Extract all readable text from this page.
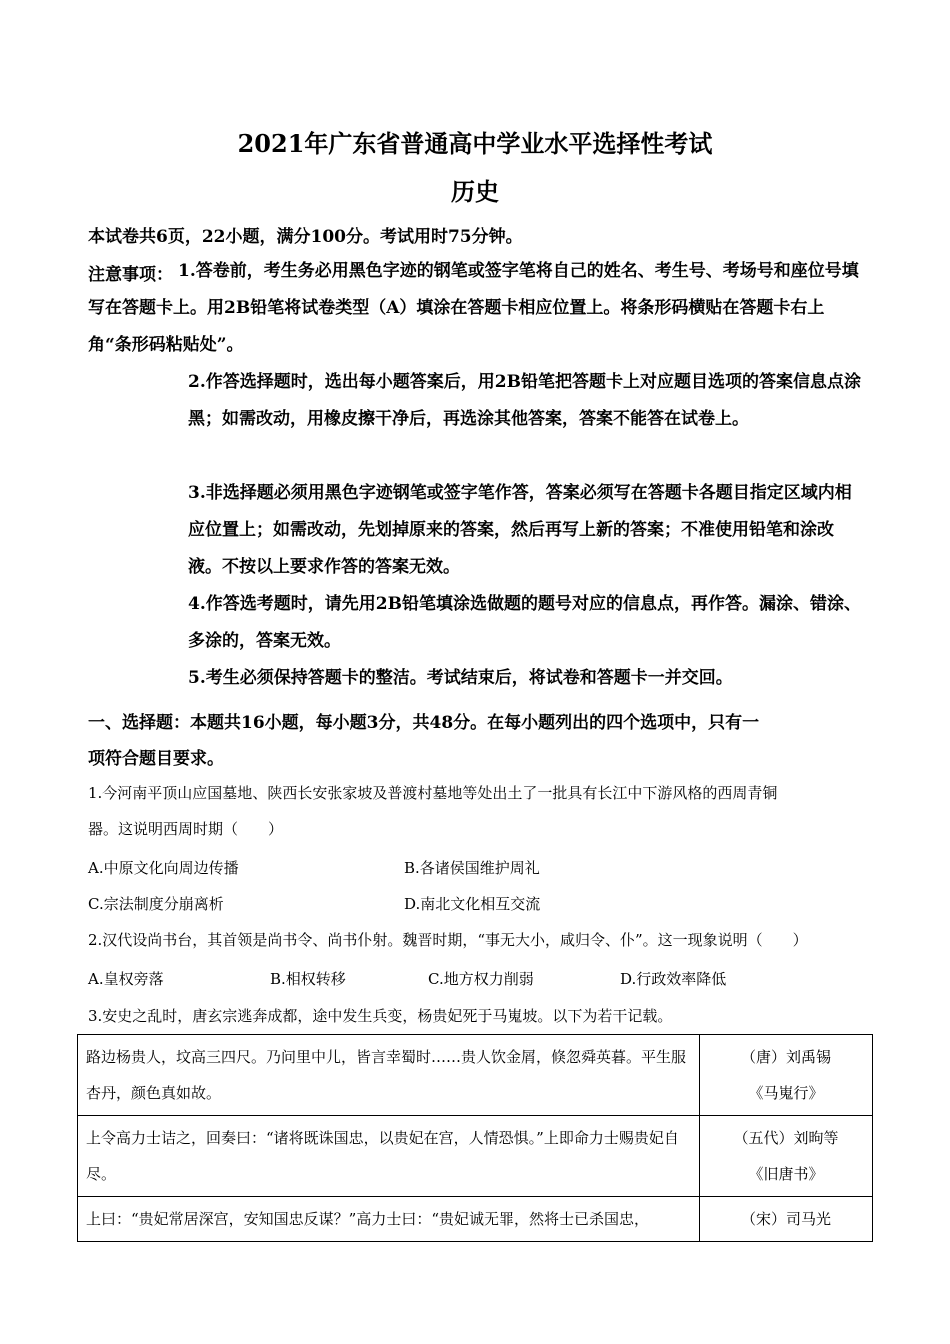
2021年广东省普通高中学业水平选择性考试
历史
本试卷共6页，22小题，满分100分。考试用时75分钟。
注意事项： 1.答卷前，考生务必用黑色字迹的钢笔或签字笔将自己的姓名、考生号、考场号和座位号填写在答题卡上。用2B铅笔将试卷类型（A）填涂在答题卡相应位置上。将条形码横贴在答题卡右上角“条形码粘贴处”。
2.作答选择题时，选出每小题答案后，用2B铅笔把答题卡上对应题目选项的答案信息点涂黑；如需改动，用橡皮擦干净后，再选涂其他答案，答案不能答在试卷上。
3.非选择题必须用黑色字迹钢笔或签字笔作答，答案必须写在答题卡各题目指定区域内相应位置上；如需改动，先划掉原来的答案，然后再写上新的答案；不准使用铅笔和涂改液。不按以上要求作答的答案无效。
4.作答选考题时，请先用2B铅笔填涂选做题的题号对应的信息点，再作答。漏涂、错涂、多涂的，答案无效。
5.考生必须保持答题卡的整洁。考试结束后，将试卷和答题卡一并交回。
一、选择题：本题共16小题，每小题3分，共48分。在每小题列出的四个选项中，只有一
项符合题目要求。
1.今河南平顶山应国墓地、陕西长安张家坡及普渡村墓地等处出土了一批具有长江中下游风格的西周青铜
器。这说明西周时期（　　）
A.中原文化向周边传播	B.各诸侯国维护周礼
C.宗法制度分崩离析	D.南北文化相互交流
2.汉代设尚书台，其首领是尚书令、尚书仆射。魏晋时期，“事无大小，咸归令、仆”。这一现象说明（　　）
A.皇权旁落	B.相权转移	C.地方权力削弱	D.行政效率降低
3.安史之乱时，唐玄宗逃奔成都，途中发生兵变，杨贵妃死于马嵬坡。以下为若干记载。
路边杨贵人，坟高三四尺。乃问里中儿，皆言幸蜀时……贵人饮金屑，倏忽舜英暮。平生服杏丹，颜色真如故。	（唐）刘禹锡
《马嵬行》

上令高力士诘之，回奏曰：“诸将既诛国忠，以贵妃在宫，人情恐惧。”上即命力士赐贵妃自尽。	（五代）刘昫等
《旧唐书》

上曰：“贵妃常居深宫，安知国忠反谋？”高力士曰：“贵妃诚无罪，然将士已杀国忠，	（宋）司马光
